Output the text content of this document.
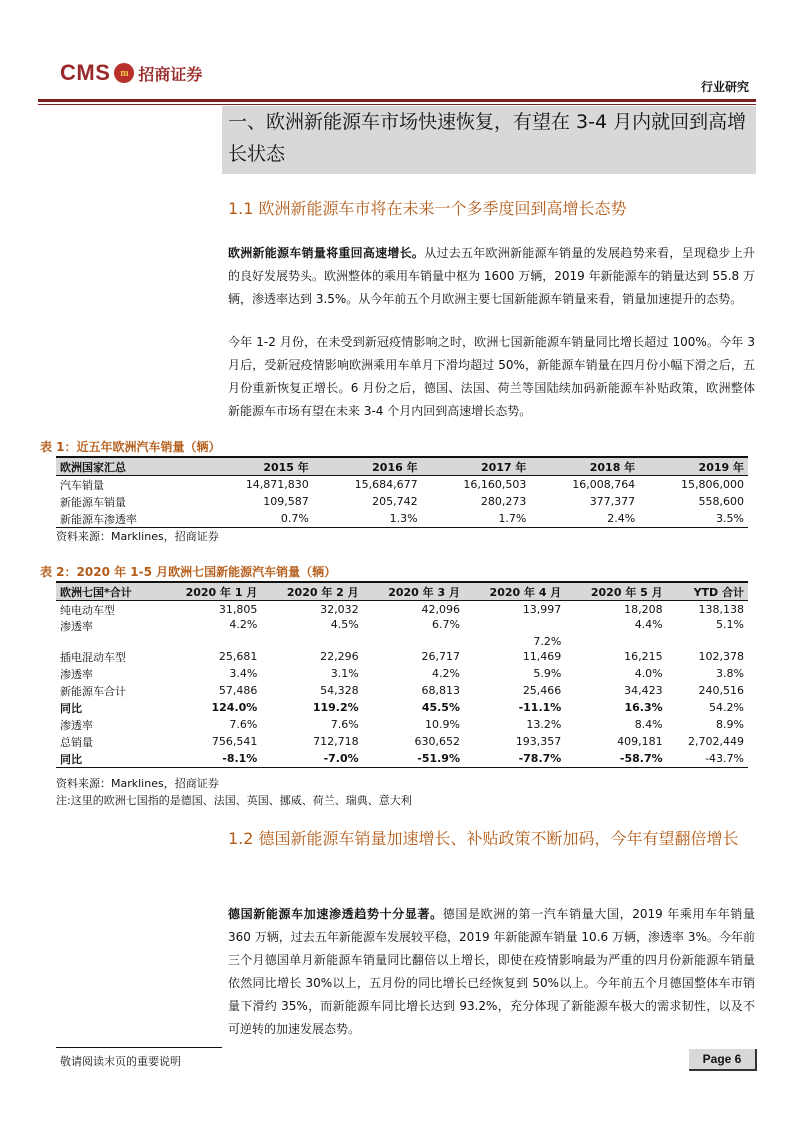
CMS m 招商证券
行业研究
一、欧洲新能源车市场快速恢复，有望在 3-4 月内就回到高增长状态
1.1 欧洲新能源车市将在未来一个多季度回到高增长态势
欧洲新能源车销量将重回高速增长。从过去五年欧洲新能源车销量的发展趋势来看，呈现稳步上升的良好发展势头。欧洲整体的乘用车销量中枢为 1600 万辆，2019 年新能源车的销量达到 55.8 万辆，渗透率达到 3.5%。从今年前五个月欧洲主要七国新能源车销量来看，销量加速提升的态势。
今年 1-2 月份，在未受到新冠疫情影响之时，欧洲七国新能源车销量同比增长超过 100%。今年 3 月后，受新冠疫情影响欧洲乘用车单月下滑均超过 50%，新能源车销量在四月份小幅下滑之后，五月份重新恢复正增长。6 月份之后，德国、法国、荷兰等国陆续加码新能源车补贴政策，欧洲整体新能源车市场有望在未来 3-4 个月内回到高速增长态势。
表 1：近五年欧洲汽车销量（辆）
欧洲国家汇总	2015 年	2016 年	2017 年	2018 年	2019 年
汽车销量	14,871,830	15,684,677	16,160,503	16,008,764	15,806,000
新能源车销量	109,587	205,742	280,273	377,377	558,600
新能源车渗透率	0.7%	1.3%	1.7%	2.4%	3.5%
资料来源：Marklines，招商证券
表 2：2020 年 1-5 月欧洲七国新能源汽车销量（辆）
欧洲七国*合计	2020 年 1 月	2020 年 2 月	2020 年 3 月	2020 年 4 月	2020 年 5 月	YTD 合计
纯电动车型	31,805	32,032	42,096	13,997	18,208	138,138
渗透率	4.2%	4.5%	6.7%	7.2%	4.4%	5.1%
插电混动车型	25,681	22,296	26,717	11,469	16,215	102,378
渗透率	3.4%	3.1%	4.2%	5.9%	4.0%	3.8%
新能源车合计	57,486	54,328	68,813	25,466	34,423	240,516
同比	124.0%	119.2%	45.5%	-11.1%	16.3%	54.2%
渗透率	7.6%	7.6%	10.9%	13.2%	8.4%	8.9%
总销量	756,541	712,718	630,652	193,357	409,181	2,702,449
同比	-8.1%	-7.0%	-51.9%	-78.7%	-58.7%	-43.7%
资料来源：Marklines，招商证券
注:这里的欧洲七国指的是德国、法国、英国、挪威、荷兰、瑞典、意大利
1.2 德国新能源车销量加速增长、补贴政策不断加码，今年有望翻倍增长
德国新能源车加速渗透趋势十分显著。德国是欧洲的第一汽车销量大国，2019 年乘用车年销量 360 万辆，过去五年新能源车发展较平稳，2019 年新能源车销量 10.6 万辆，渗透率 3%。今年前三个月德国单月新能源车销量同比翻倍以上增长，即使在疫情影响最为严重的四月份新能源车销量依然同比增长 30%以上，五月份的同比增长已经恢复到 50%以上。今年前五个月德国整体车市销量下滑约 35%，而新能源车同比增长达到 93.2%，充分体现了新能源车极大的需求韧性，以及不可逆转的加速发展态势。
敬请阅读末页的重要说明	Page 6
